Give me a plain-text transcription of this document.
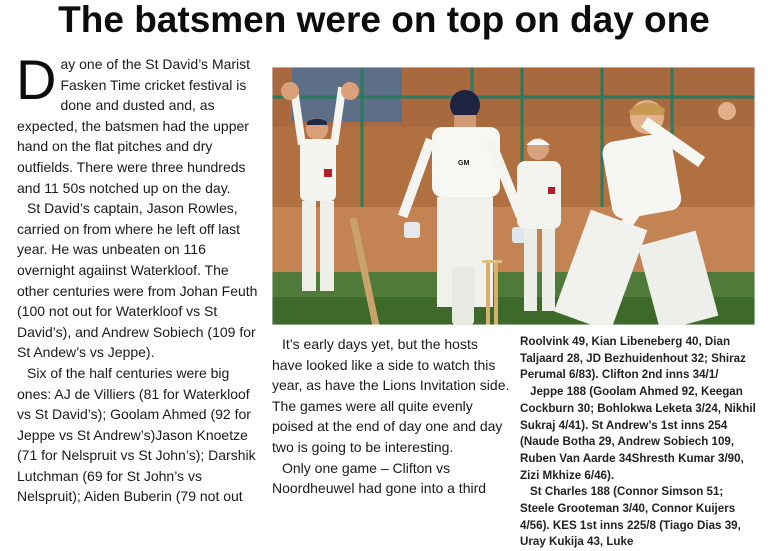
The batsmen were on top on day one

Day one of the St David’s Marist Fasken Time cricket festival is done and dusted and, as expected, the batsmen had the upper hand on the flat pitches and dry outfields. There were three hundreds and 11 50s notched up on the day.

St David’s captain, Jason Rowles, carried on from where he left off last year. He was unbeaten on 116 overnight agaiinst Waterkloof. The other centuries were from Johan Feuth (100 not out for Waterkloof vs St David’s), and Andrew Sobiech (109 for St Andew’s vs Jeppe).

Six of the half centuries were big ones: AJ de Villiers (81 for Waterkloof vs St David’s); Goolam Ahmed (92 for Jeppe vs St Andrew’s)Jason Knoetze (71 for Nelspruit vs St John’s); Darshik Lutchman (69 for St John’s vs Nelspruit); Aiden Buberin (79 not out

GM

It’s early days yet, but the hosts have looked like a side to watch this year, as have the Lions Invitation side. The games were all quite evenly poised at the end of day one and day two is going to be interesting.

Only one game – Clifton vs Noordheuwel had gone into a third

Roolvink 49, Kian Libeneberg 40, Dian Taljaard 28, JD Bezhuidenhout 32; Shiraz Perumal 6/83). Clifton 2nd inns 34/1/

Jeppe 188 (Goolam Ahmed 92, Keegan Cockburn 30; Bohlokwa Leketa 3/24, Nikhil Sukraj 4/41). St Andrew’s 1st inns 254 (Naude Botha 29, Andrew Sobiech 109, Ruben Van Aarde 34Shresth Kumar 3/90, Zizi Mkhize 6/46).

St Charles 188 (Connor Simson 51; Steele Grooteman 3/40, Connor Kuijers 4/56). KES 1st inns 225/8 (Tiago Dias 39, Uray Kukija 43, Luke
